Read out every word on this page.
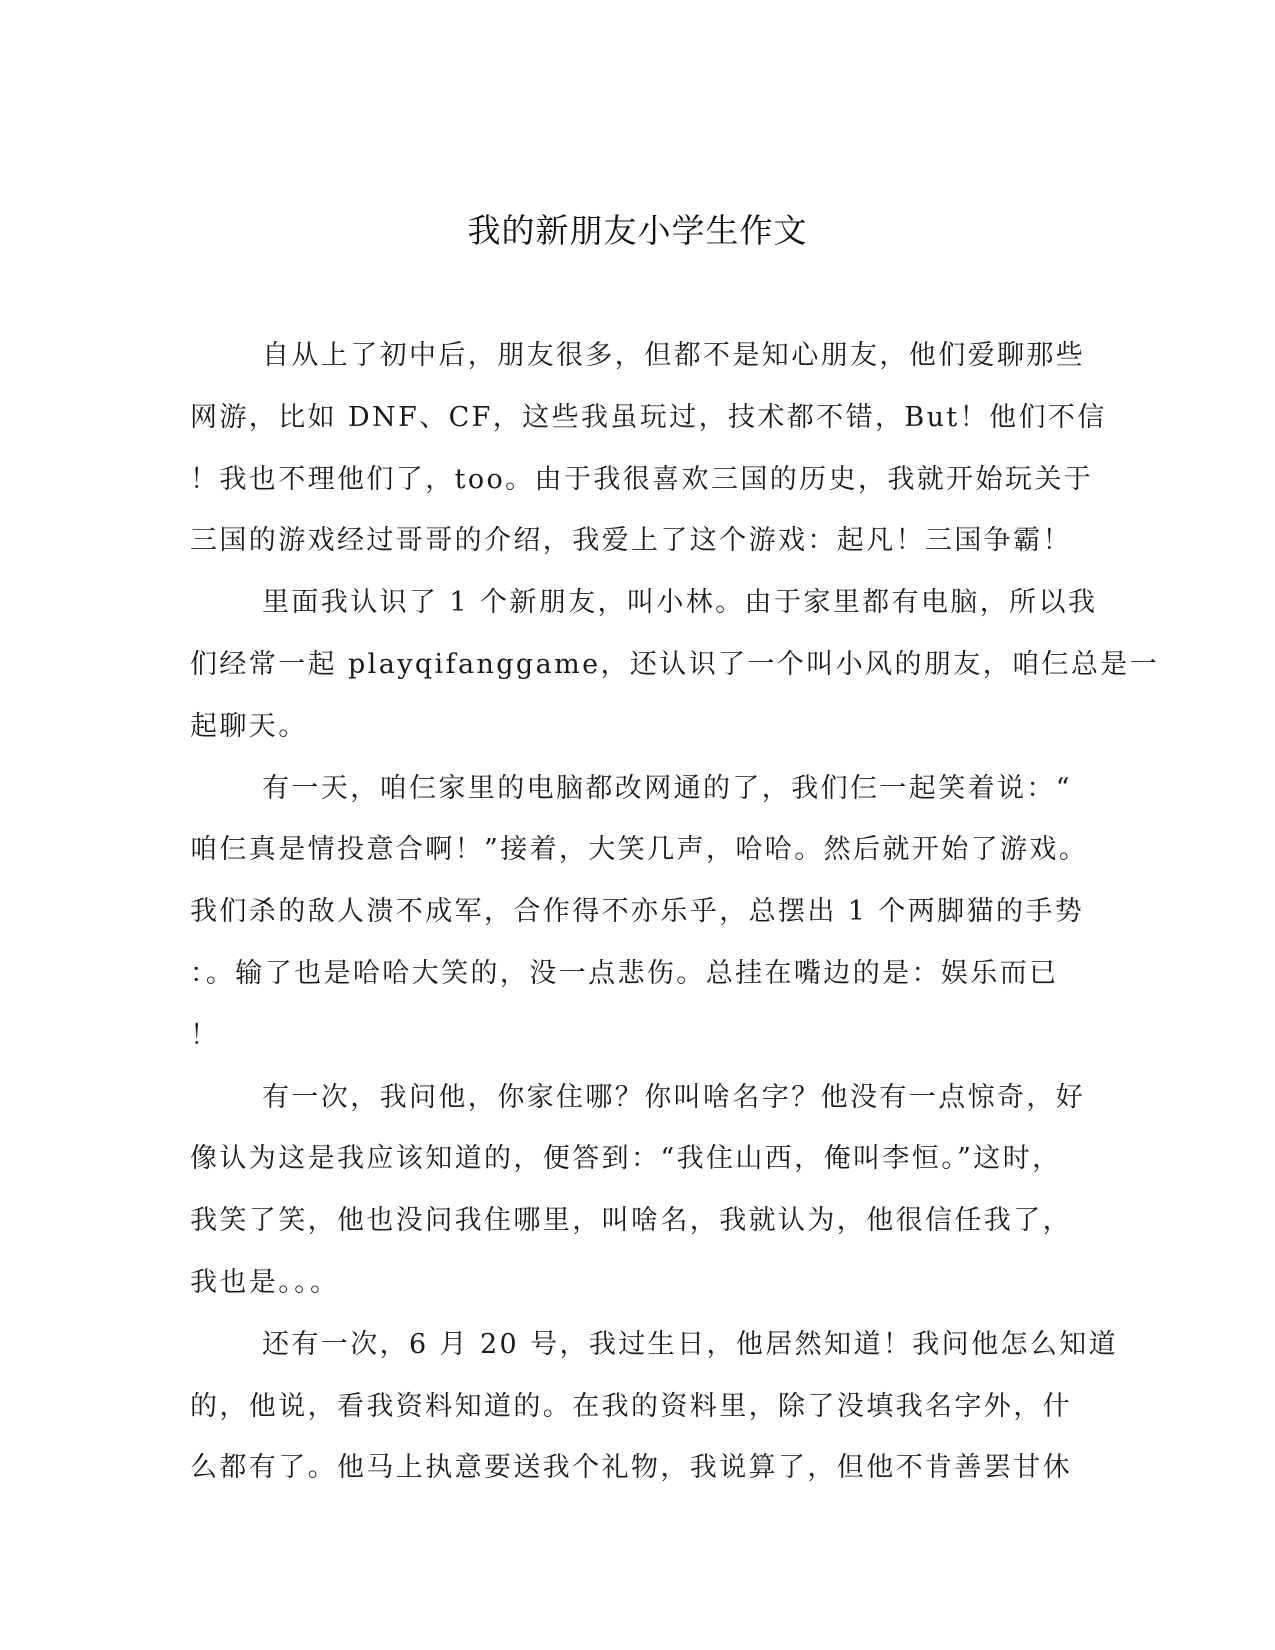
我的新朋友小学生作文
自从上了初中后，朋友很多，但都不是知心朋友，他们爱聊那些
网游，比如 DNF、CF，这些我虽玩过，技术都不错，But！他们不信
！我也不理他们了，too。由于我很喜欢三国的历史，我就开始玩关于
三国的游戏经过哥哥的介绍，我爱上了这个游戏：起凡！三国争霸！
里面我认识了 1 个新朋友，叫小林。由于家里都有电脑，所以我
们经常一起 playqifanggame，还认识了一个叫小风的朋友，咱仨总是一
起聊天。
有一天，咱仨家里的电脑都改网通的了，我们仨一起笑着说：“
咱仨真是情投意合啊！”接着，大笑几声，哈哈。然后就开始了游戏。
我们杀的敌人溃不成军，合作得不亦乐乎，总摆出 1 个两脚猫的手势
：。输了也是哈哈大笑的，没一点悲伤。总挂在嘴边的是：娱乐而已
！
有一次，我问他，你家住哪？你叫啥名字？他没有一点惊奇，好
像认为这是我应该知道的，便答到：“我住山西，俺叫李恒。”这时，
我笑了笑，他也没问我住哪里，叫啥名，我就认为，他很信任我了，
我也是。。。
还有一次，6 月 20 号，我过生日，他居然知道！我问他怎么知道
的，他说，看我资料知道的。在我的资料里，除了没填我名字外，什
么都有了。他马上执意要送我个礼物，我说算了，但他不肯善罢甘休
